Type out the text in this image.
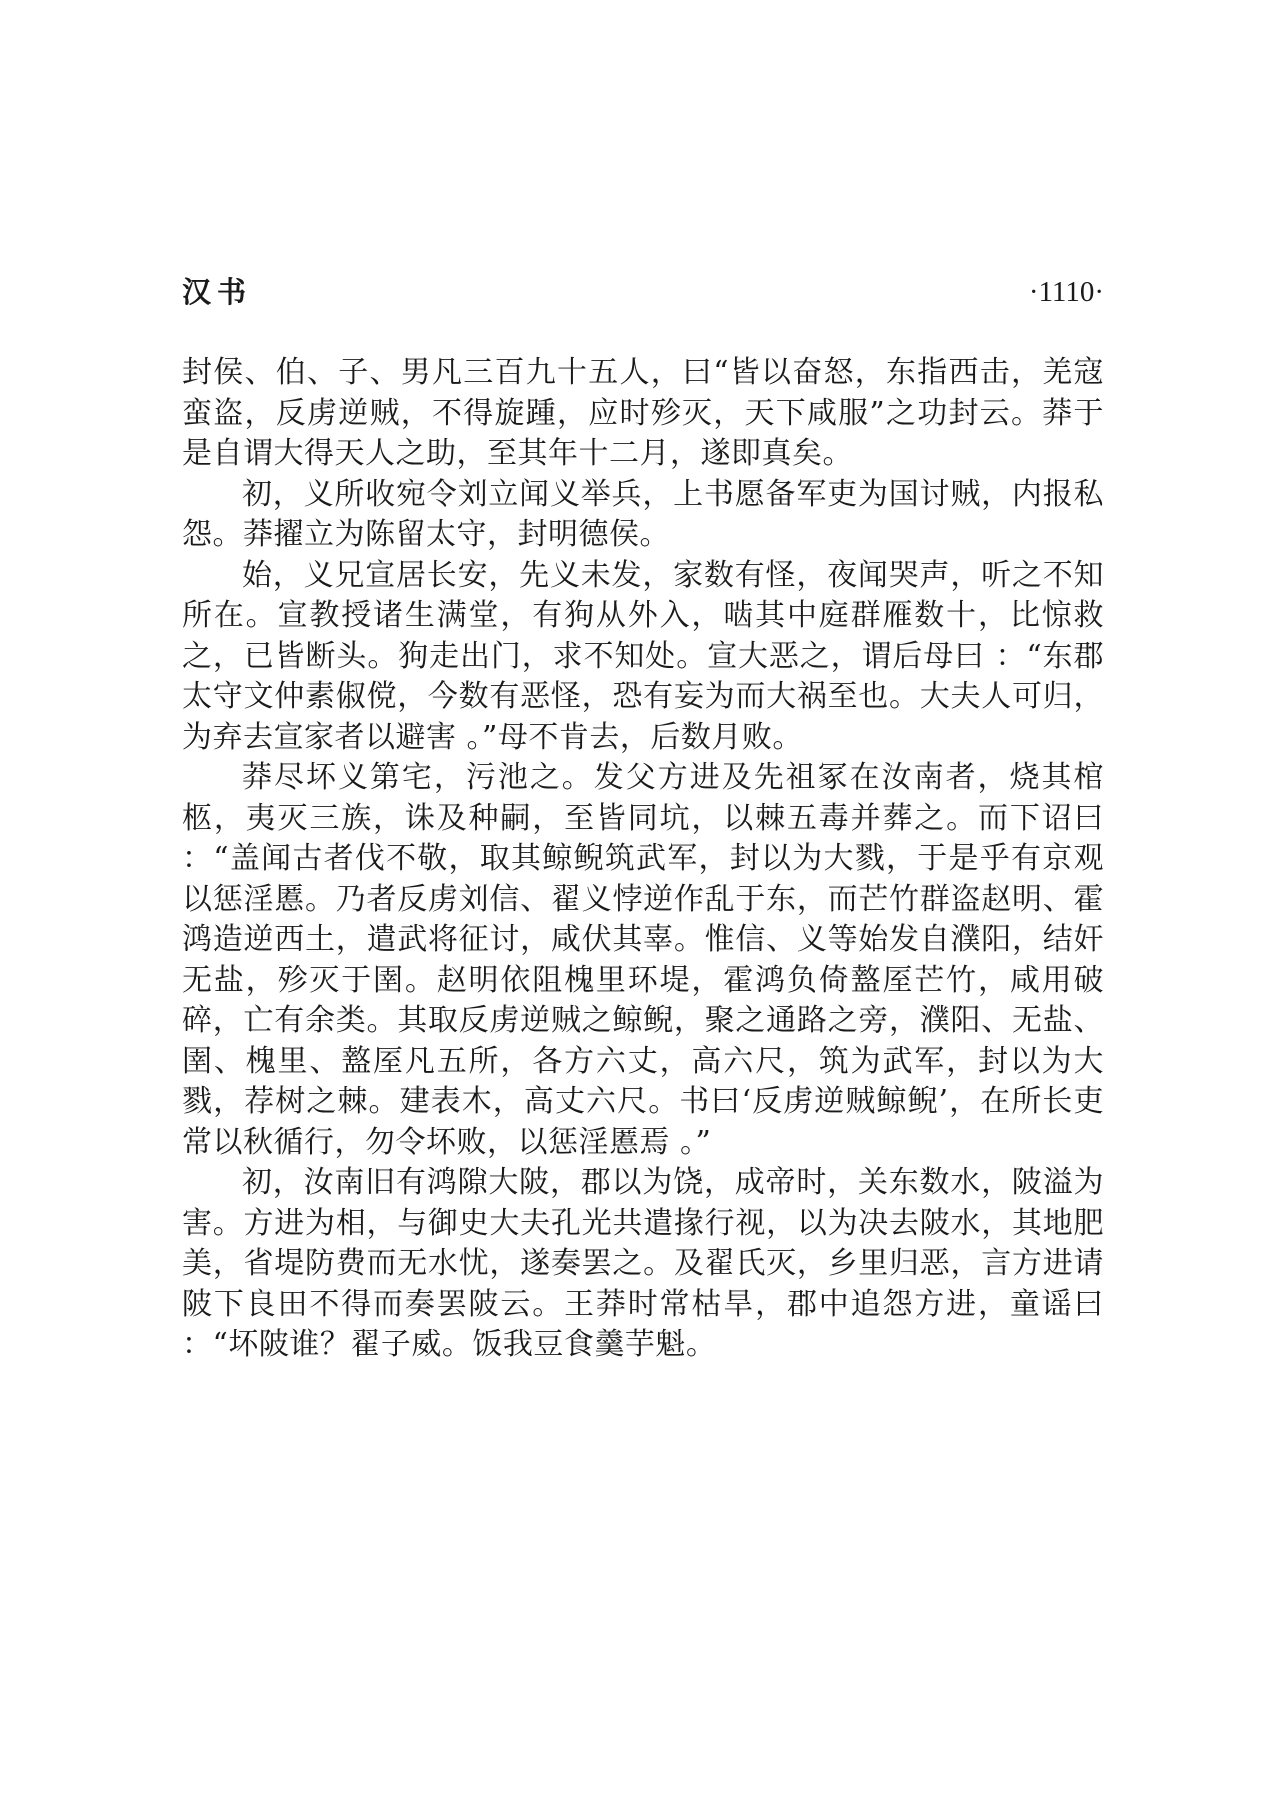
汉书	·1110·

封侯、伯、子、男凡三百九十五人，曰“皆以奋怒，东指西击，羌寇蛮盗，反虏逆贼，不得旋踵，应时殄灭，天下咸服”之功封云。莽于是自谓大得天人之助，至其年十二月，遂即真矣。

初，义所收宛令刘立闻义举兵，上书愿备军吏为国讨贼，内报私怨。莽擢立为陈留太守，封明德侯。

始，义兄宣居长安，先义未发，家数有怪，夜闻哭声，听之不知所在。宣教授诸生满堂，有狗从外入，啮其中庭群雁数十，比惊救之，已皆断头。狗走出门，求不知处。宣大恶之，谓后母曰 ：“东郡太守文仲素俶傥，今数有恶怪，恐有妄为而大祸至也。大夫人可归，为弃去宣家者以避害 。”母不肯去，后数月败。

莽尽坏义第宅，污池之。发父方进及先祖冢在汝南者，烧其棺柩，夷灭三族，诛及种嗣，至皆同坑，以棘五毒并葬之。而下诏曰 ：“盖闻古者伐不敬，取其鲸鲵筑武军，封以为大戮，于是乎有京观以惩淫慝。乃者反虏刘信、翟义悖逆作乱于东，而芒竹群盗赵明、霍鸿造逆西土，遣武将征讨，咸伏其辜。惟信、义等始发自濮阳，结奸无盐，殄灭于圉。赵明依阻槐里环堤，霍鸿负倚盩厔芒竹，咸用破碎，亡有余类。其取反虏逆贼之鲸鲵，聚之通路之旁，濮阳、无盐、圉、槐里、盩厔凡五所，各方六丈，高六尺，筑为武军，封以为大戮，荐树之棘。建表木，高丈六尺。书曰‘反虏逆贼鲸鲵’，在所长吏常以秋循行，勿令坏败，以惩淫慝焉 。”

初，汝南旧有鸿隙大陂，郡以为饶，成帝时，关东数水，陂溢为害。方进为相，与御史大夫孔光共遣掾行视，以为决去陂水，其地肥美，省堤防费而无水忧，遂奏罢之。及翟氏灭，乡里归恶，言方进请陂下良田不得而奏罢陂云。王莽时常枯旱，郡中追怨方进，童谣曰 ：“坏陂谁？翟子威。饭我豆食羹芋魁。
